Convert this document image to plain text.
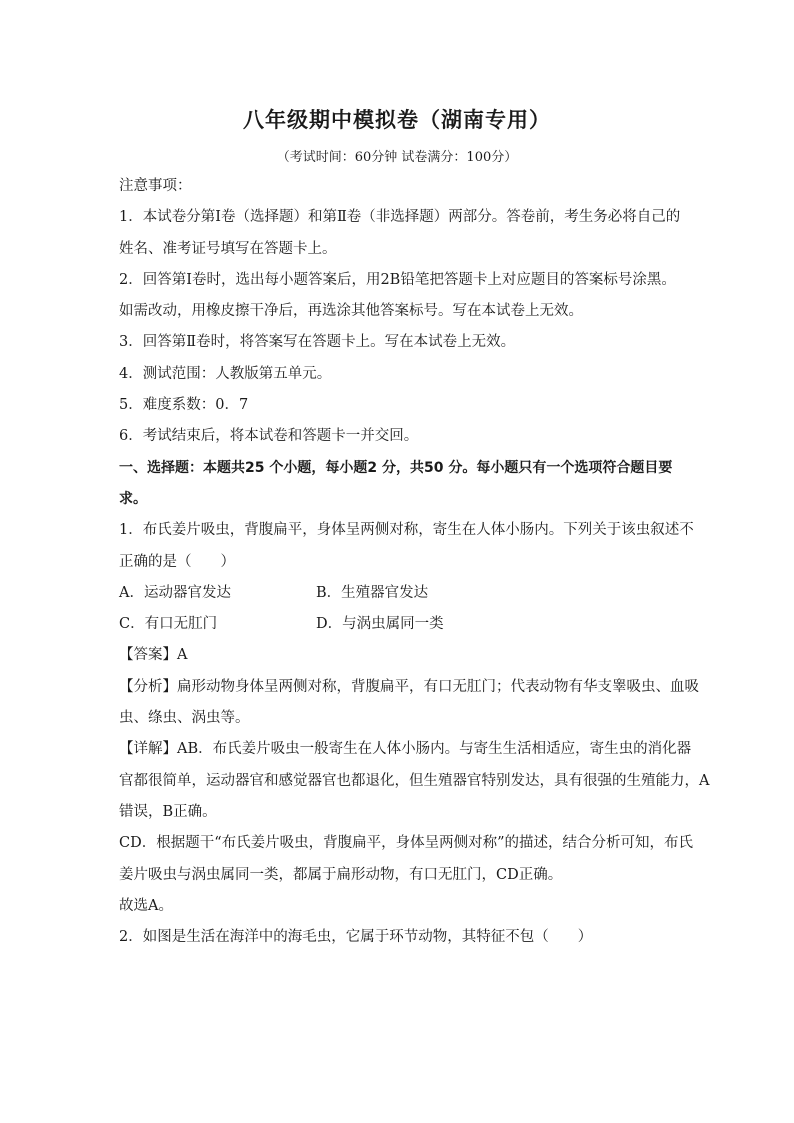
八年级期中模拟卷（湖南专用）
（考试时间：60分钟 试卷满分：100分）
注意事项：
1．本试卷分第Ⅰ卷（选择题）和第Ⅱ卷（非选择题）两部分。答卷前，考生务必将自己的
姓名、准考证号填写在答题卡上。
2．回答第Ⅰ卷时，选出每小题答案后，用2B铅笔把答题卡上对应题目的答案标号涂黑。
如需改动，用橡皮擦干净后，再选涂其他答案标号。写在本试卷上无效。
3．回答第Ⅱ卷时，将答案写在答题卡上。写在本试卷上无效。
4．测试范围：人教版第五单元。
5．难度系数：0．7
6．考试结束后，将本试卷和答题卡一并交回。
一、选择题：本题共25 个小题，每小题2 分，共50 分。每小题只有一个选项符合题目要
求。
1．布氏姜片吸虫，背腹扁平，身体呈两侧对称，寄生在人体小肠内。下列关于该虫叙述不
正确的是（　　）
A．运动器官发达	B．生殖器官发达
C．有口无肛门	D．与涡虫属同一类
【答案】A
【分析】扁形动物身体呈两侧对称，背腹扁平，有口无肛门；代表动物有华支睾吸虫、血吸
虫、绦虫、涡虫等。
【详解】AB．布氏姜片吸虫一般寄生在人体小肠内。与寄生生活相适应，寄生虫的消化器
官都很简单，运动器官和感觉器官也都退化，但生殖器官特别发达，具有很强的生殖能力，A
错误，B正确。
CD．根据题干“布氏姜片吸虫，背腹扁平，身体呈两侧对称”的描述，结合分析可知，布氏
姜片吸虫与涡虫属同一类，都属于扁形动物，有口无肛门，CD正确。
故选A。
2．如图是生活在海洋中的海毛虫，它属于环节动物，其特征不包（　　）
